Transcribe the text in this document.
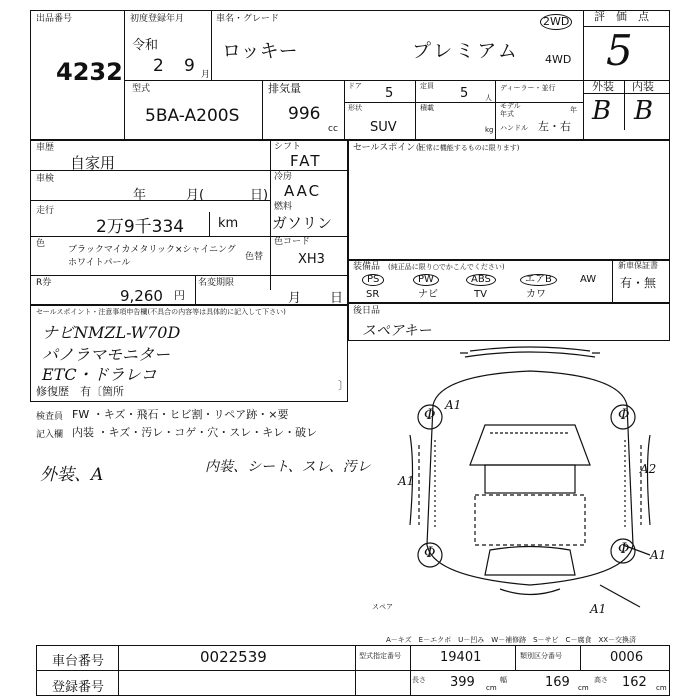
出品番号
4232
初度登録年月
令和
2 9 月
車名・グレード
ロッキー	プレミアム
2WD
4WD
型式
5BA-A200S
排気量
996
cc
ドア 5	定員 5 人
ディーラー・並行
形状
SUV
積載
kg
モデル年式	年
ハンドル 左・右
評　価　点
5
外装 内装
B B
車歴
自家用
車検
年	月(	日)
走行
2万9千334	km
シフト
FAT
冷房
AAC
燃料
ガソリン
色
ブラックマイカメタリック×シャイニングホワイトパール
色替
色コード
XH3
R券
9,260 円
名変期限
月 日
セールスポイント
(正常に機能するものに限ります)
装備品 (純正品に限り○でかこんでください)
PS	PW	ABS	エアB	AW
SR	ナビ	TV	カワ
新車保証書
有・無
後日品
スペアキー
セールスポイント・注意事項申告欄(不具合の内容等は具体的に記入して下さい)
ナビNMZL-W70D
パノラマモニター
ETC・ドラレコ
修復歴　有〔箇所	〕
検査員 FW ・キズ・飛石・ヒビ割・リペア跡・×要
記入欄 内装 ・キズ・汚レ・コゲ・穴・スレ・キレ・破レ
外装、A	内装、シート、スレ、汚レ
A1
A1
A2
A1
A1
Φ	Φ
Φ	Φ
スペア
A－キズ　E－エクボ　U－凹み　W－補修跡　S－サビ　C－腐食　XX－交換済
車台番号	0022539
登録番号
型式指定番号	19401	類別区分番号	0006
長さ 399 cm
幅	169 cm
高さ 162 cm
